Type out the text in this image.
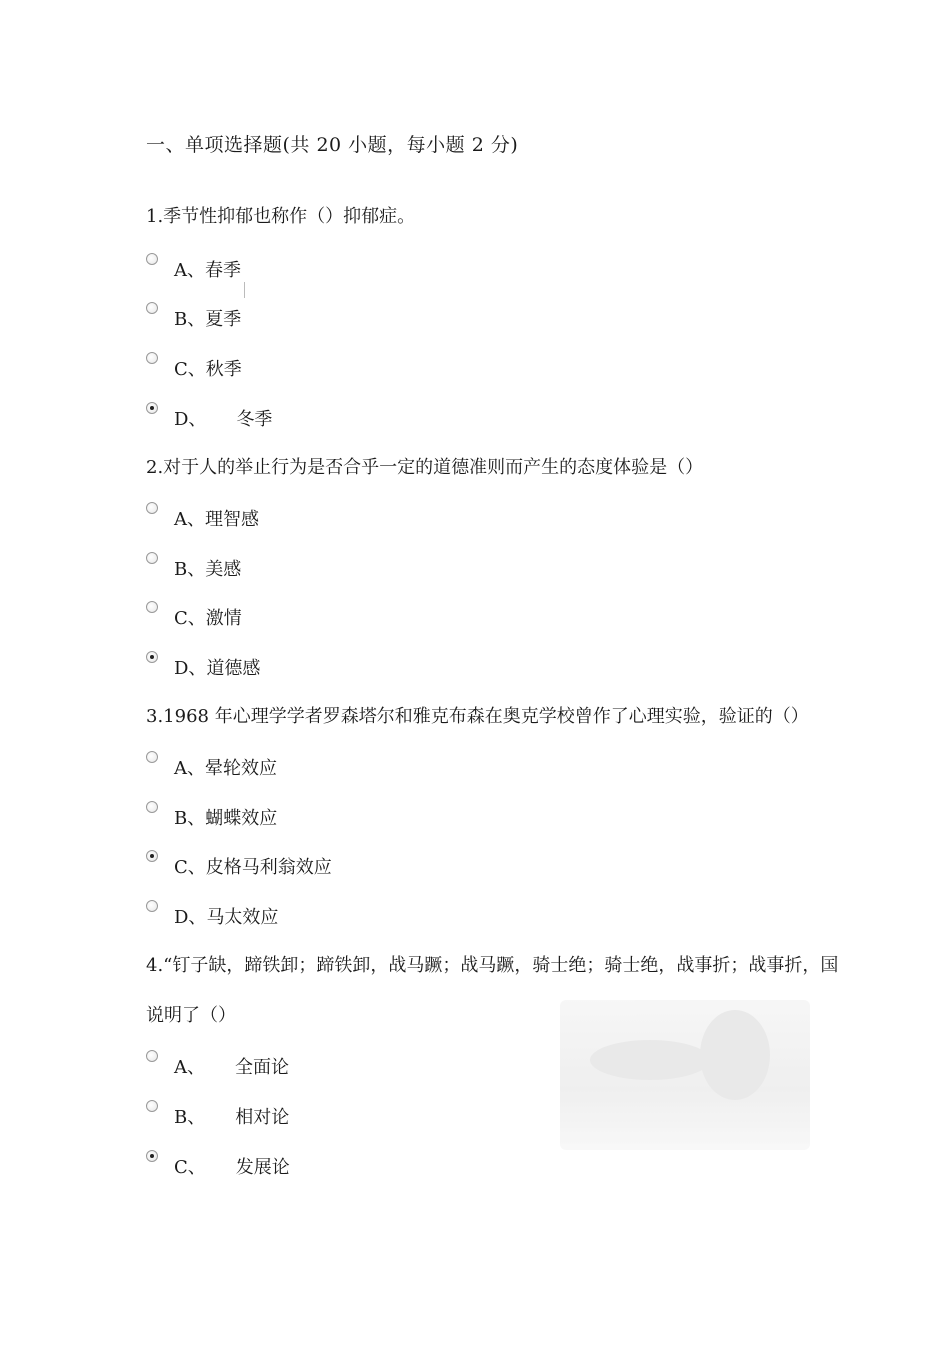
一、单项选择题(共 20 小题，每小题 2 分)
1.季节性抑郁也称作（）抑郁症。
A、 春季
B、 夏季
C、 秋季
D、 冬季
2.对于人的举止行为是否合乎一定的道德准则而产生的态度体验是（）
A、 理智感
B、 美感
C、 激情
D、 道德感
3.1968 年心理学学者罗森塔尔和雅克布森在奥克学校曾作了心理实验，验证的（）
A、 晕轮效应
B、 蝴蝶效应
C、 皮格马利翁效应
D、 马太效应
4.“钉子缺，蹄铁卸；蹄铁卸，战马蹶；战马蹶，骑士绝；骑士绝，战事折；战事折，国
说明了（）
A、 全面论
B、 相对论
C、 发展论
